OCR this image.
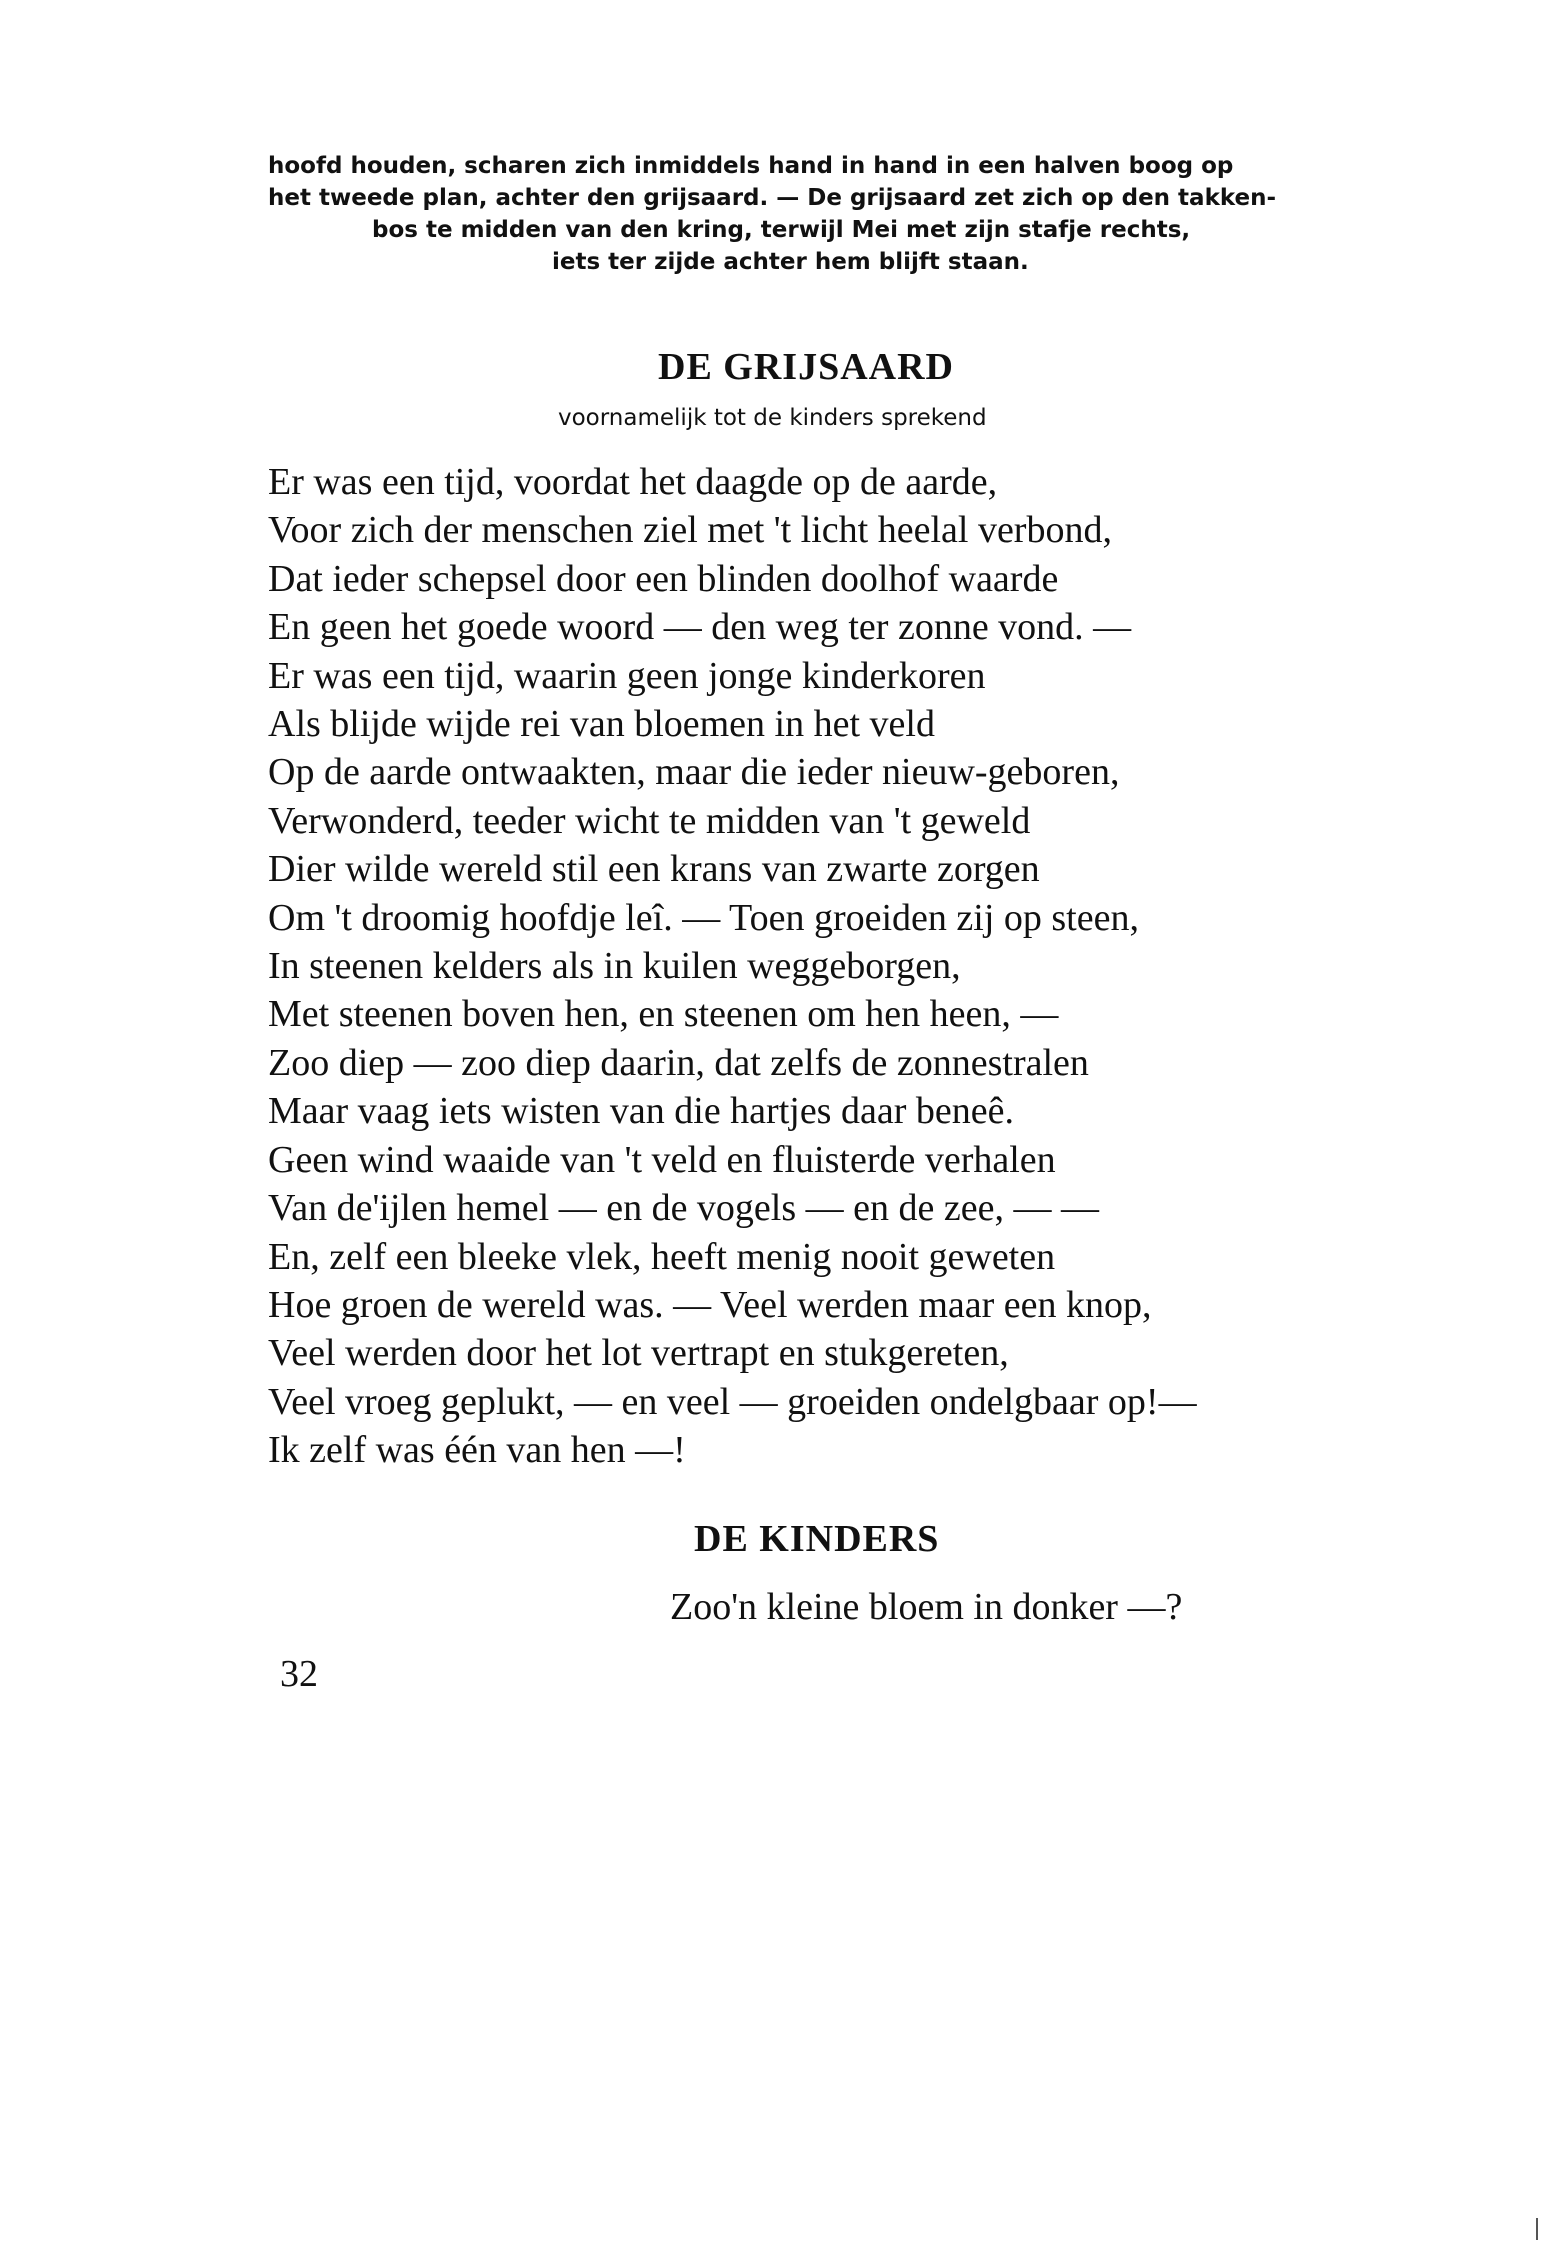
hoofd houden, scharen zich inmiddels hand in hand in een halven boog op
het tweede plan, achter den grijsaard. — De grijsaard zet zich op den takken-
bos te midden van den kring, terwijl Mei met zijn stafje rechts,
iets ter zijde achter hem blijft staan.

DE GRIJSAARD

voornamelijk tot de kinders sprekend

Er was een tijd, voordat het daagde op de aarde,
Voor zich der menschen ziel met 't licht heelal verbond,
Dat ieder schepsel door een blinden doolhof waarde
En geen het goede woord — den weg ter zonne vond. —
Er was een tijd, waarin geen jonge kinderkoren
Als blijde wijde rei van bloemen in het veld
Op de aarde ontwaakten, maar die ieder nieuw-geboren,
Verwonderd, teeder wicht te midden van 't geweld
Dier wilde wereld stil een krans van zwarte zorgen
Om 't droomig hoofdje leî. — Toen groeiden zij op steen,
In steenen kelders als in kuilen weggeborgen,
Met steenen boven hen, en steenen om hen heen, —
Zoo diep — zoo diep daarin, dat zelfs de zonnestralen
Maar vaag iets wisten van die hartjes daar beneê.
Geen wind waaide van 't veld en fluisterde verhalen
Van de'ijlen hemel — en de vogels — en de zee, — —
En, zelf een bleeke vlek, heeft menig nooit geweten
Hoe groen de wereld was. — Veel werden maar een knop,
Veel werden door het lot vertrapt en stukgereten,
Veel vroeg geplukt, — en veel — groeiden ondelgbaar op!—
Ik zelf was één van hen —!
DE KINDERS

Zoo'n kleine bloem in donker —?

32
